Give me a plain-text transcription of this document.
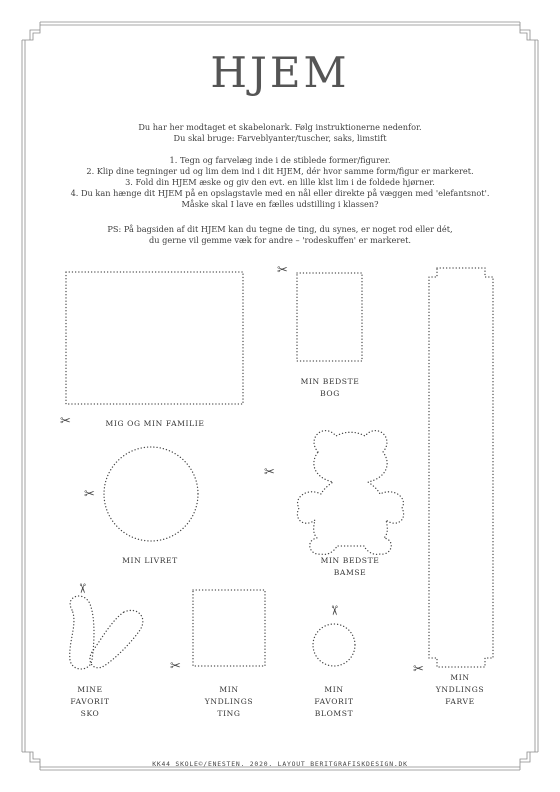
HJEM
Du har her modtaget et skabelonark. Følg instruktionerne nedenfor.
Du skal bruge: Farveblyanter/tuscher, saks, limstift
1. Tegn og farvelæg inde i de stiblede former/figurer.
2. Klip dine tegninger ud og lim dem ind i dit HJEM, dér hvor samme form/figur er markeret.
3. Fold din HJEM æske og giv den evt. en lille klst lim i de foldede hjørner.
4. Du kan hænge dit HJEM på en opslagstavle med en nål eller direkte på væggen med 'elefantsnot'.
Måske skal I lave en fælles udstilling i klassen?
PS: På bagsiden af dit HJEM kan du tegne de ting, du synes, er noget rod eller dét,
du gerne vil gemme væk for andre – 'rodeskuffen' er markeret.
✂
✂
✂
✂
✂
✂
✂
✂
MIG OG MIN FAMILIE
MIN BEDSTE
BOG
MIN LIVRET	MIN BEDSTE
BAMSE
MINE
FAVORIT
SKO
MIN
YNDLINGS
TING
MIN
FAVORIT
BLOMST
MIN
YNDLINGS
FARVE
KK44 SKOLE©/ENESTEN. 2020. LAYOUT BERITGRAFISKDESIGN.DK
